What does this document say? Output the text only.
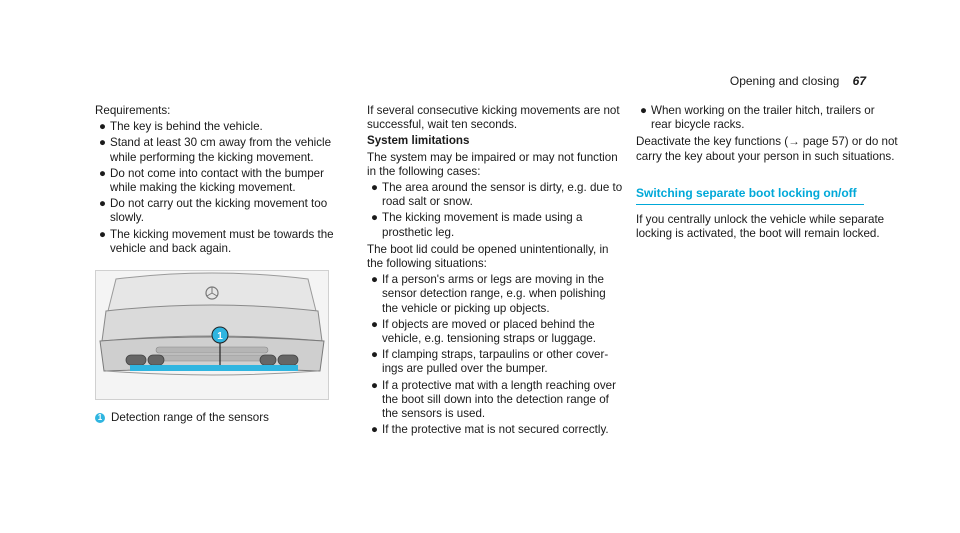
Opening and closing 67

Requirements:

● The key is behind the vehicle.
● Stand at least 30 cm away from the vehicle while performing the kicking movement.
● Do not come into contact with the bumper while making the kicking movement.
● Do not carry out the kicking movement too slowly.
● The kicking movement must be towards the vehicle and back again.
1
1 Detection range of the sensors

If several consecutive kicking movements are not successful, wait ten seconds.

System limitations

The system may be impaired or may not function in the following cases:

● The area around the sensor is dirty, e.g. due to road salt or snow.
● The kicking movement is made using a prosthetic leg.

The boot lid could be opened unintentionally, in the following situations:

● If a person's arms or legs are moving in the sensor detection range, e.g. when polishing the vehicle or picking up objects.
● If objects are moved or placed behind the vehicle, e.g. tensioning straps or luggage.
● If clamping straps, tarpaulins or other cover-ings are pulled over the bumper.
● If a protective mat with a length reaching over the boot sill down into the detection range of the sensors is used.
● If the protective mat is not secured correctly.
● When working on the trailer hitch, trailers or rear bicycle racks.

Deactivate the key functions (→ page 57) or do not carry the key about your person in such situations.

Switching separate boot locking on/off

If you centrally unlock the vehicle while separate locking is activated, the boot will remain locked.
